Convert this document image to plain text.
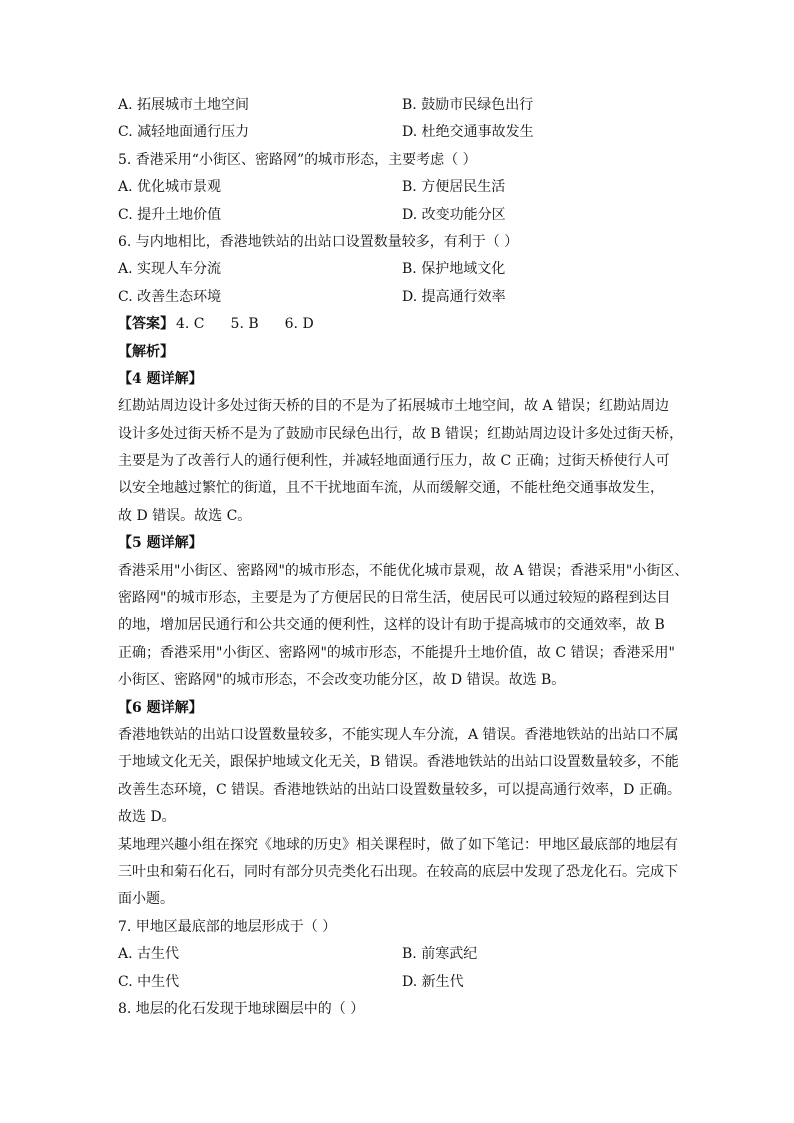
A. 拓展城市土地空间	B. 鼓励市民绿色出行
C. 减轻地面通行压力	D. 杜绝交通事故发生
5. 香港采用“小街区、密路网”的城市形态，主要考虑（ ）
A. 优化城市景观	B. 方便居民生活
C. 提升土地价值	D. 改变功能分区
6. 与内地相比，香港地铁站的出站口设置数量较多，有利于（ ）
A. 实现人车分流	B. 保护地域文化
C. 改善生态环境	D. 提高通行效率
【答案】 4. C 5. B 6. D
【解析】
【4 题详解】
红勘站周边设计多处过街天桥的目的不是为了拓展城市土地空间，故 A 错误；红勘站周边
设计多处过街天桥不是为了鼓励市民绿色出行，故 B 错误；红勘站周边设计多处过街天桥，
主要是为了改善行人的通行便利性，并减轻地面通行压力，故 C 正确；过街天桥使行人可
以安全地越过繁忙的街道，且不干扰地面车流，从而缓解交通，不能杜绝交通事故发生，
故 D 错误。故选 C。
【5 题详解】
香港采用"小街区、密路网"的城市形态，不能优化城市景观，故 A 错误；香港采用"小街区、
密路网"的城市形态，主要是为了方便居民的日常生活，使居民可以通过较短的路程到达目
的地，增加居民通行和公共交通的便利性，这样的设计有助于提高城市的交通效率，故 B
正确；香港采用"小街区、密路网"的城市形态，不能提升土地价值，故 C 错误；香港采用"
小街区、密路网"的城市形态，不会改变功能分区，故 D 错误。故选 B。
【6 题详解】
香港地铁站的出站口设置数量较多，不能实现人车分流，A 错误。香港地铁站的出站口不属
于地域文化无关，跟保护地域文化无关，B 错误。香港地铁站的出站口设置数量较多，不能
改善生态环境，C 错误。香港地铁站的出站口设置数量较多，可以提高通行效率，D 正确。
故选 D。
某地理兴趣小组在探究《地球的历史》相关课程时，做了如下笔记：甲地区最底部的地层有
三叶虫和菊石化石，同时有部分贝壳类化石出现。在较高的底层中发现了恐龙化石。完成下
面小题。
7. 甲地区最底部的地层形成于（ ）
A. 古生代	B. 前寒武纪
C. 中生代	D. 新生代
8. 地层的化石发现于地球圈层中的（ ）
